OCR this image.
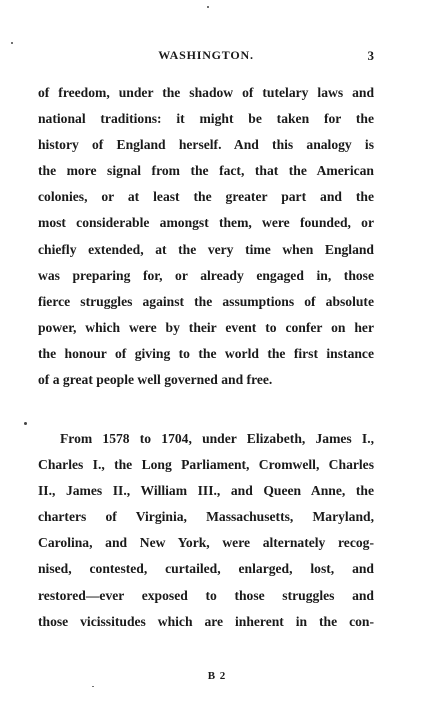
WASHINGTON.	3
of freedom, under the shadow of tutelary laws and
national traditions: it might be taken for the
history of England herself. And this analogy is
the more signal from the fact, that the American
colonies, or at least the greater part and the
most considerable amongst them, were founded, or
chiefly extended, at the very time when England
was preparing for, or already engaged in, those
fierce struggles against the assumptions of absolute
power, which were by their event to confer on her
the honour of giving to the world the first instance
of a great people well governed and free.
From 1578 to 1704, under Elizabeth, James I.,
Charles I., the Long Parliament, Cromwell, Charles
II., James II., William III., and Queen Anne, the
charters of Virginia, Massachusetts, Maryland,
Carolina, and New York, were alternately recog-
nised, contested, curtailed, enlarged, lost, and
restored—ever exposed to those struggles and
those vicissitudes which are inherent in the con-
B 2
